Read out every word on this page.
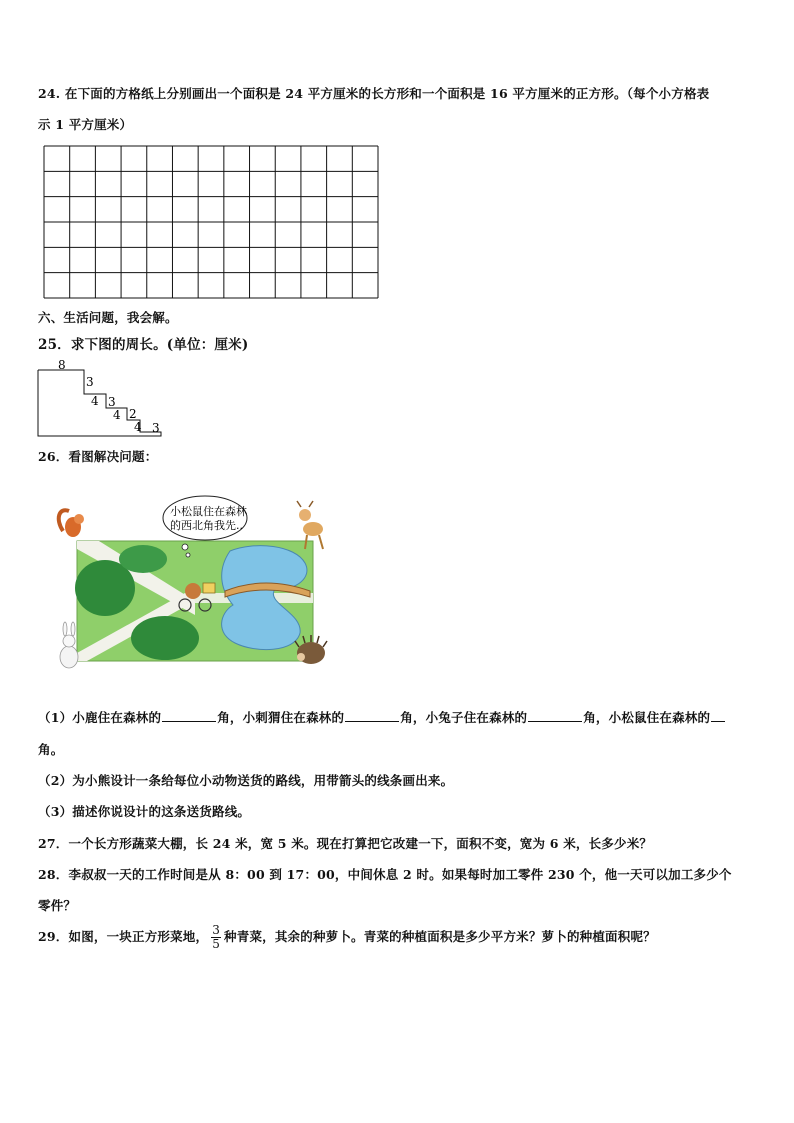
24. 在下面的方格纸上分别画出一个面积是 24 平方厘米的长方形和一个面积是 16 平方厘米的正方形。（每个小方格表
示 1 平方厘米）
六、生活问题，我会解。
25．求下图的周长。(单位：厘米)
8
3
4 3
4 2
4 3
26．看图解决问题：
小松鼠住在森林
的西北角我先..
（1）小鹿住在森林的	角，小刺猬住在森林的	角，小兔子住在森林的	角，小松鼠住在森林的
角。
（2）为小熊设计一条给每位小动物送货的路线，用带箭头的线条画出来。
（3）描述你说设计的这条送货路线。
27．一个长方形蔬菜大棚，长 24 米，宽 5 米。现在打算把它改建一下，面积不变，宽为 6 米，长多少米？
28．李叔叔一天的工作时间是从 8：00 到 17：00，中间休息 2 时。如果每时加工零件 230 个，他一天可以加工多少个
零件？
29．如图，一块正方形菜地， $\frac{3}{5}$ 种青菜，其余的种萝卜。青菜的种植面积是多少平方米？萝卜的种植面积呢？
